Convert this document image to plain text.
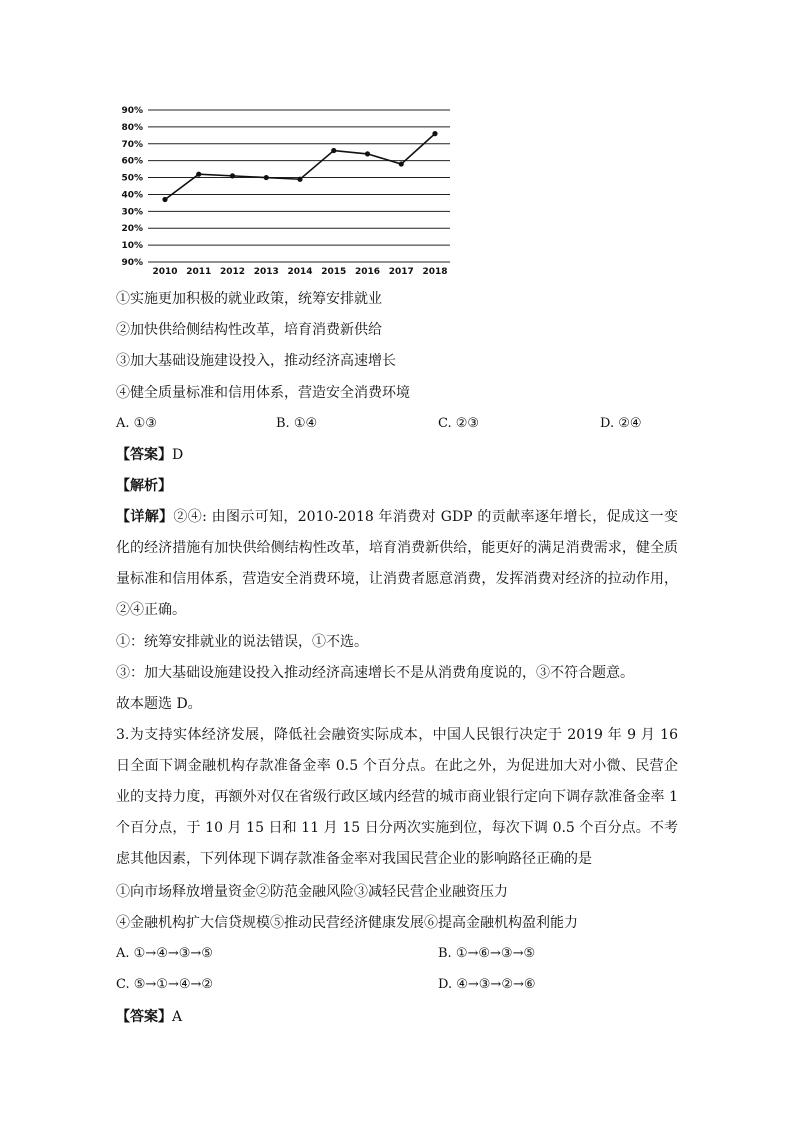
90%
80%
70%
60%
50%
40%
30%
20%
10%
90%
2010 2011 2012 2013 2014 2015 2016 2017 2018
①实施更加积极的就业政策，统筹安排就业
②加快供给侧结构性改革，培育消费新供给
③加大基础设施建设投入，推动经济高速增长
④健全质量标准和信用体系，营造安全消费环境
A. ①③	B. ①④	C. ②③	D. ②④
【答案】D
【解析】
【详解】②④: 由图示可知，2010-2018 年消费对 GDP 的贡献率逐年增长，促成这一变化的经济措施有加快供给侧结构性改革，培育消费新供给，能更好的满足消费需求，健全质量标准和信用体系，营造安全消费环境，让消费者愿意消费，发挥消费对经济的拉动作用，②④正确。
①：统筹安排就业的说法错误，①不选。
③：加大基础设施建设投入推动经济高速增长不是从消费角度说的，③不符合题意。
故本题选 D。
3.为支持实体经济发展，降低社会融资实际成本，中国人民银行决定于 2019 年 9 月 16 日全面下调金融机构存款准备金率 0.5 个百分点。在此之外，为促进加大对小微、民营企业的支持力度，再额外对仅在省级行政区域内经营的城市商业银行定向下调存款准备金率 1 个百分点，于 10 月 15 日和 11 月 15 日分两次实施到位，每次下调 0.5 个百分点。不考虑其他因素，下列体现下调存款准备金率对我国民营企业的影响路径正确的是
①向市场释放增量资金②防范金融风险③减轻民营企业融资压力
④金融机构扩大信贷规模⑤推动民营经济健康发展⑥提高金融机构盈利能力
A. ①→④→③→⑤	B. ①→⑥→③→⑤
C. ⑤→①→④→②	D. ④→③→②→⑥
【答案】A
